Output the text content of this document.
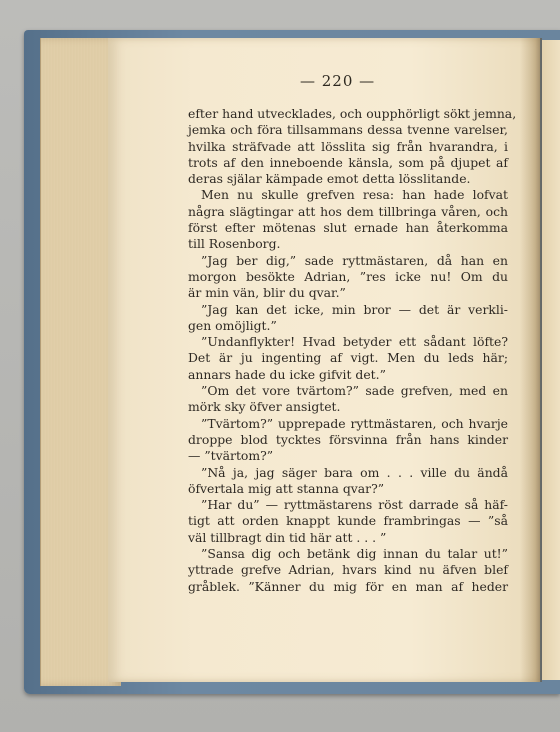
— 220 —
efter hand utvecklades, och oupphörligt sökt jemna,
jemka och föra tillsammans dessa tvenne varelser,
hvilka sträfvade att lösslita sig från hvarandra, i
trots af den inneboende känsla, som på djupet af
deras själar kämpade emot detta lösslitande.
Men nu skulle grefven resa: han hade lofvat
några slägtingar att hos dem tillbringa våren, och
först efter mötenas slut ernade han återkomma
till Rosenborg.
”Jag ber dig,” sade ryttmästaren, då han en
morgon besökte Adrian, ”res icke nu! Om du
är min vän, blir du qvar.”
”Jag kan det icke, min bror — det är verkli-
gen omöjligt.”
”Undanflykter! Hvad betyder ett sådant löfte?
Det är ju ingenting af vigt. Men du leds här;
annars hade du icke gifvit det.”
”Om det vore tvärtom?” sade grefven, med en
mörk sky öfver ansigtet.
”Tvärtom?” upprepade ryttmästaren, och hvarje
droppe blod tycktes försvinna från hans kinder
— ”tvärtom?”
”Nå ja, jag säger bara om . . . ville du ändå
öfvertala mig att stanna qvar?”
”Har du” — ryttmästarens röst darrade så häf-
tigt att orden knappt kunde frambringas — ”så
väl tillbragt din tid här att . . . ”
”Sansa dig och betänk dig innan du talar ut!”
yttrade grefve Adrian, hvars kind nu äfven blef
gråblek. ”Känner du mig för en man af heder
